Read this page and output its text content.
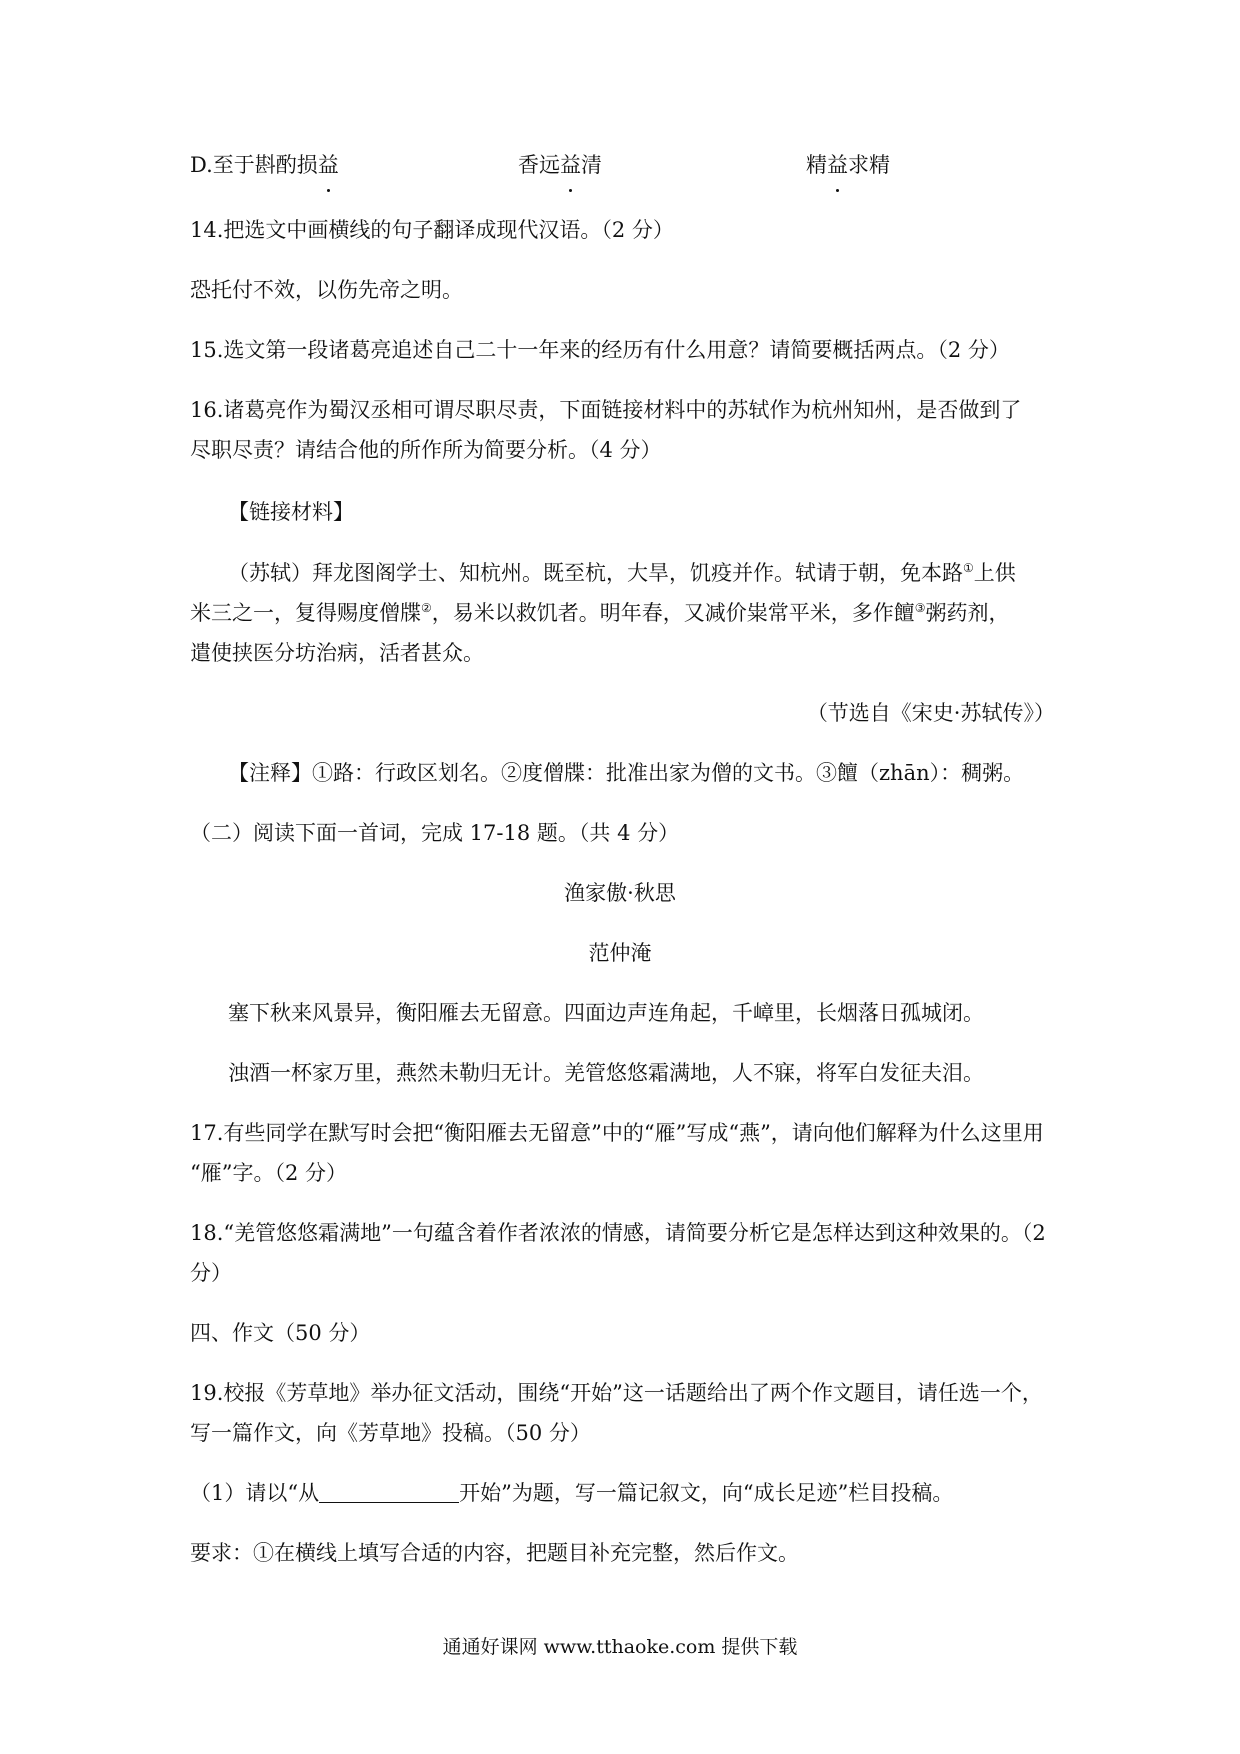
D.至于斟酌损益	香远益清	精益求精
14.把选文中画横线的句子翻译成现代汉语。（2 分）
恐托付不效，以伤先帝之明。
15.选文第一段诸葛亮追述自己二十一年来的经历有什么用意？请简要概括两点。（2 分）
16.诸葛亮作为蜀汉丞相可谓尽职尽责，下面链接材料中的苏轼作为杭州知州，是否做到了
尽职尽责？请结合他的所作所为简要分析。（4 分）
【链接材料】
（苏轼）拜龙图阁学士、知杭州。既至杭，大旱，饥疫并作。轼请于朝，免本路①上供
米三之一，复得赐度僧牒②，易米以救饥者。明年春，又减价粜常平米，多作饘③粥药剂，
遣使挟医分坊治病，活者甚众。
（节选自《宋史·苏轼传》）
【注释】①路：行政区划名。②度僧牒：批准出家为僧的文书。③饘（zhān）：稠粥。
（二）阅读下面一首词，完成 17-18 题。（共 4 分）
渔家傲·秋思
范仲淹
塞下秋来风景异，衡阳雁去无留意。四面边声连角起，千嶂里，长烟落日孤城闭。
浊酒一杯家万里，燕然未勒归无计。羌管悠悠霜满地，人不寐，将军白发征夫泪。
17.有些同学在默写时会把“衡阳雁去无留意”中的“雁”写成“燕”，请向他们解释为什么这里用
“雁”字。（2 分）
18.“羌管悠悠霜满地”一句蕴含着作者浓浓的情感，请简要分析它是怎样达到这种效果的。（2
分）
四、作文（50 分）
19.校报《芳草地》举办征文活动，围绕“开始”这一话题给出了两个作文题目，请任选一个，
写一篇作文，向《芳草地》投稿。（50 分）
（1）请以“从	开始”为题，写一篇记叙文，向“成长足迹”栏目投稿。
要求：①在横线上填写合适的内容，把题目补充完整，然后作文。
通通好课网 www.tthaoke.com 提供下载
